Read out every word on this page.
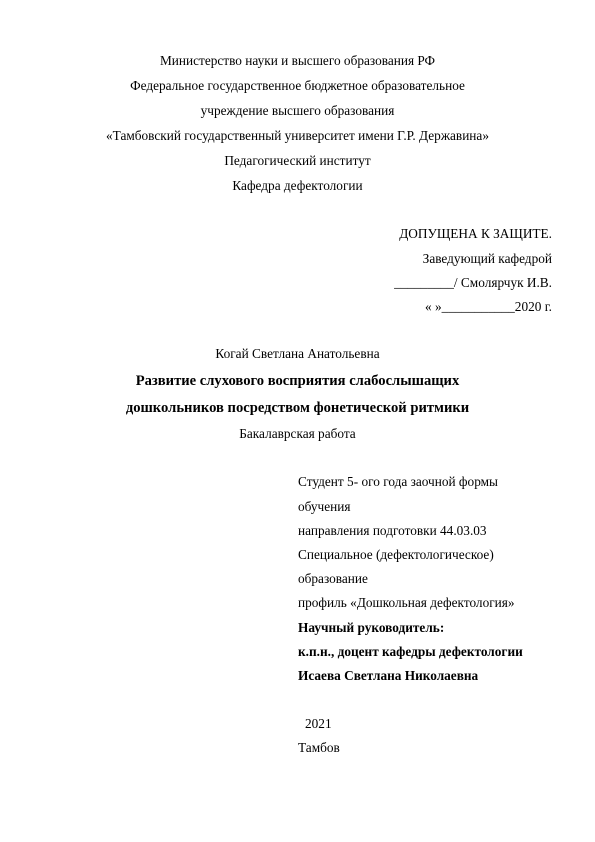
Министерство науки и высшего образования РФ
Федеральное государственное бюджетное образовательное
учреждение высшего образования
«Тамбовский государственный университет имени Г.Р. Державина»
Педагогический институт
Кафедра дефектологии
ДОПУЩЕНА К ЗАЩИТЕ.
Заведующий кафедрой
_________/ Смолярчук И.В.
« »___________2020 г.
Когай Светлана Анатольевна
Развитие слухового восприятия слабослышащих
дошкольников посредством фонетической ритмики
Бакалаврская работа
Студент 5- ого года заочной формы
обучения
направления подготовки 44.03.03
Специальное (дефектологическое)
образование
профиль «Дошкольная дефектология»
Научный руководитель:
к.п.н., доцент кафедры дефектологии
Исаева Светлана Николаевна
2021
Тамбов
